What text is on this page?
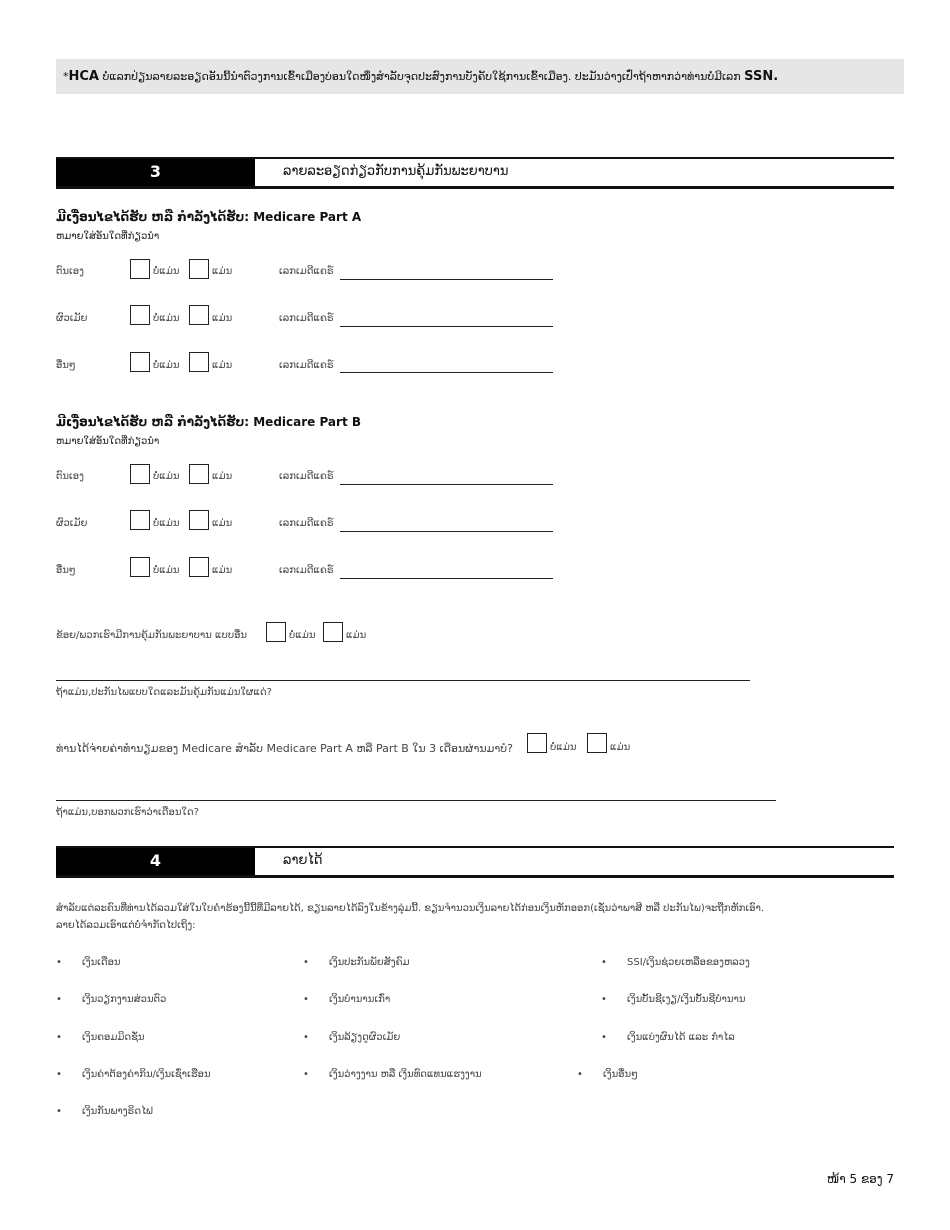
*HCA ບໍ່ແລກປ່ຽນລາຍລະອຽດອັນນີ້ນຳຕົວງການເຂົ້າເມືອງບ່ອນໃດໜຶ່ງສຳລັບຈຸດປະສົງການບັງຄັບໃຊ້ການເຂົ້າເມືອງ. ປະມັນວ່າງເປົ່າຖ້າຫາກວ່າທ່ານບໍ່ມີເລກ SSN.
3	ລາຍລະອຽດກ່ຽວກັບການຄຸ້ມກັນພະຍາບານ
ມີເງື່ອນໄຂໄດ້ຮັບ ຫລື ກຳລັງໄດ້ຮັບ: Medicare Part A
ຫມາຍໃສ່ອັນໃດທີ່ກ່ຽວນຳ
ຕົນເອງ	ບໍ່ແມ່ນ	ແມ່ນ	ເລກເມດີແຄຣ໌
ຜົວເມັຍ	ບໍ່ແມ່ນ	ແມ່ນ	ເລກເມດີແຄຣ໌
ອື່ນໆ	ບໍ່ແມ່ນ	ແມ່ນ	ເລກເມດີແຄຣ໌
ມີເງື່ອນໄຂໄດ້ຮັບ ຫລື ກຳລັງໄດ້ຮັບ: Medicare Part B
ຫມາຍໃສ່ອັນໃດທີ່ກ່ຽວນຳ
ຕົນເອງ	ບໍ່ແມ່ນ	ແມ່ນ	ເລກເມດີແຄຣ໌
ຜົວເມັຍ	ບໍ່ແມ່ນ	ແມ່ນ	ເລກເມດີແຄຣ໌
ອື່ນໆ	ບໍ່ແມ່ນ	ແມ່ນ	ເລກເມດີແຄຣ໌
ຂ້ອຍ/ພວກເຮົາມີການຄຸ້ມກັນພະຍາບານ ແບບອື່ນ	ບໍ່ແມ່ນ	ແມ່ນ
ຖ້າແມ່ນ,ປະກັນໄພແບບໃດແລະມັນຄຸ້ມກັນແມ່ນໃຜແດ່?
ທ່ານໄດ້ຈ່າຍຄ່າທຳນຽມຂອງ Medicare ສຳລັບ Medicare Part A ຫລື Part B ໃນ 3 ເດືອນຜ່ານມາບໍ?	ບໍ່ແມ່ນ	ແມ່ນ
ຖ້າແມ່ນ,ບອກພວກເຮົາວ່າເດືອນໃດ?
4	ລາຍໄດ້
ສຳລັບແຕ່ລະຄົນທີ່ທ່ານໄດ້ລວມໃສ່ໃນໃບຄຳຮ້ອງນີ້ນີ້ທີ່ມີລາຍໄດ້, ຂຽນລາຍໄດ້ລົງໃນຂ້າງລຸ່ມນີ້. ຂຽນຈຳນວນເງິນລາຍໄດ້ກ່ອນເງິນຫັກອອກ(ເຊັ່ນວ່າພາສີ ຫລື ປະກັນໄພ)ຈະຖືກຫັກເອົາ.
ລາຍໄດ້ລວມເອົາແຕ່ບໍ່ຈຳກັດໄປເຖິງ:
• ເງິນເດືອນ
• ເງິນວຽກງານສ່ວນຕົວ
• ເງິນຄອມມິດຊັ່ນ
• ເງິນຄ່າຕ້ອງຄ່າກິນ/ເງິນເຊົ່າເຮືອນ
• ເງິນກັນພາງຣິດໄຟ
• ເງິນປະກັນພັຍສັງຄົມ
• ເງິນບຳນານເກົ່າ
• ເງິນລ້ຽງດູຜົວເມັຍ
• ເງິນວ່າງງານ ຫລື ເງິນທົດແທນແຮງງານ
• SSI/ເງິນຊ່ວຍເຫລືອຂອງຫລວງ
• ເງິນບັ້ນຊີເງຽ/ເງິນບັ້ນຊີບຳນານ
• ເງິນແບ່ງຜົນໄດ້ ແລະ ກຳໄລ
• ເງິນອື່ນໆ
ໜ້າ 5 ຂອງ 7
